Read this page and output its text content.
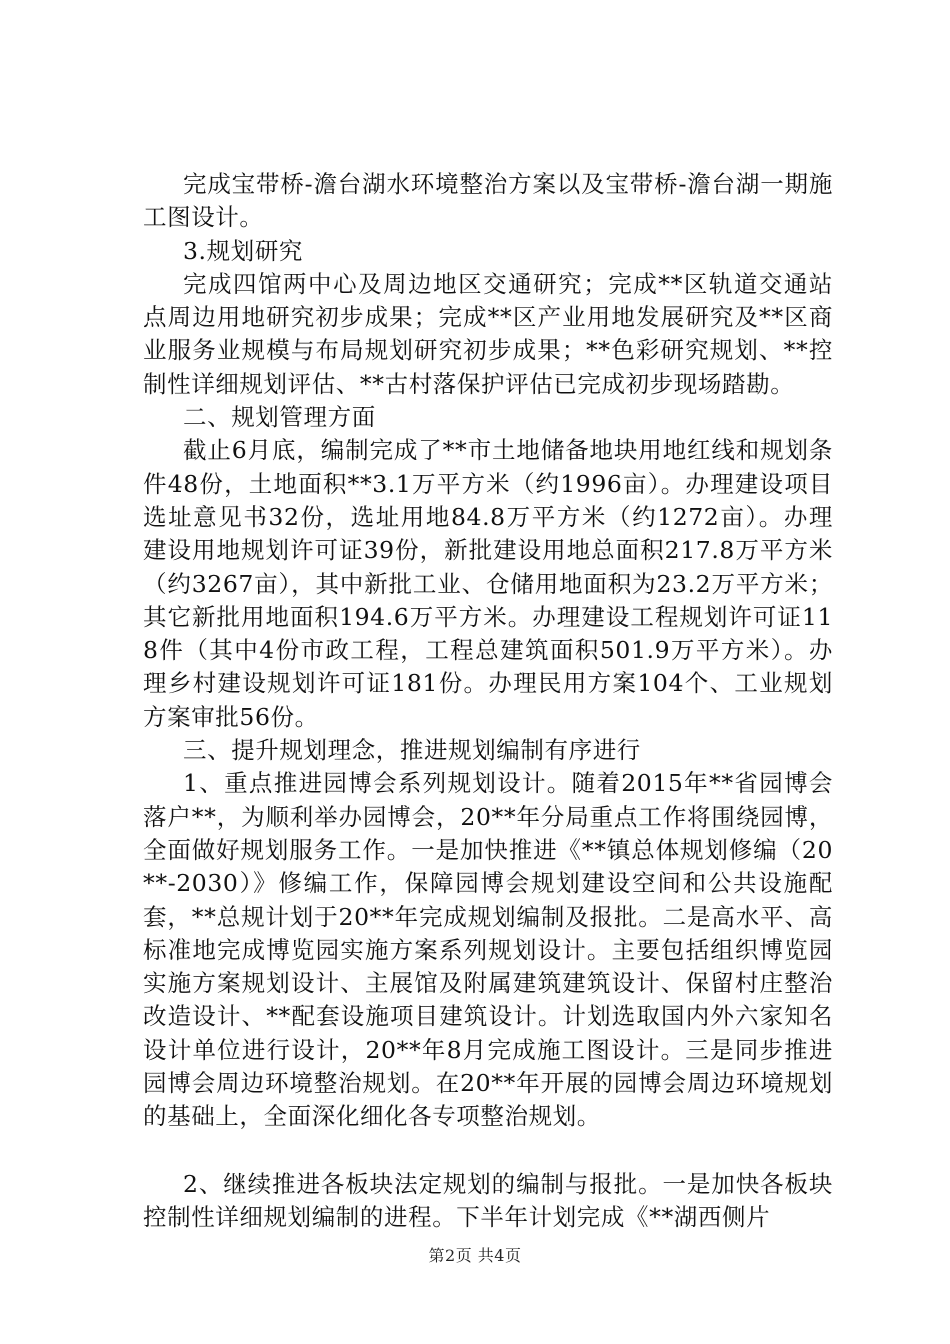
完成宝带桥-澹台湖水环境整治方案以及宝带桥-澹台湖一期施工图设计。

3.规划研究

完成四馆两中心及周边地区交通研究；完成**区轨道交通站点周边用地研究初步成果；完成**区产业用地发展研究及**区商业服务业规模与布局规划研究初步成果；**色彩研究规划、**控制性详细规划评估、**古村落保护评估已完成初步现场踏勘。

二、规划管理方面

截止6月底，编制完成了**市土地储备地块用地红线和规划条件48份，土地面积**3.1万平方米（约1996亩）。办理建设项目选址意见书32份，选址用地84.8万平方米（约1272亩）。办理建设用地规划许可证39份，新批建设用地总面积217.8万平方米（约3267亩），其中新批工业、仓储用地面积为23.2万平方米；其它新批用地面积194.6万平方米。办理建设工程规划许可证118件（其中4份市政工程，工程总建筑面积501.9万平方米）。办理乡村建设规划许可证181份。办理民用方案104个、工业规划方案审批56份。

三、提升规划理念，推进规划编制有序进行

1、重点推进园博会系列规划设计。随着2015年**省园博会落户**，为顺利举办园博会，20**年分局重点工作将围绕园博，全面做好规划服务工作。一是加快推进《**镇总体规划修编（20**-2030）》修编工作，保障园博会规划建设空间和公共设施配套，**总规计划于20**年完成规划编制及报批。二是高水平、高标准地完成博览园实施方案系列规划设计。主要包括组织博览园实施方案规划设计、主展馆及附属建筑建筑设计、保留村庄整治改造设计、**配套设施项目建筑设计。计划选取国内外六家知名设计单位进行设计，20**年8月完成施工图设计。三是同步推进园博会周边环境整治规划。在20**年开展的园博会周边环境规划的基础上，全面深化细化各专项整治规划。

2、继续推进各板块法定规划的编制与报批。一是加快各板块控制性详细规划编制的进程。下半年计划完成《**湖西侧片

第2页 共4页
